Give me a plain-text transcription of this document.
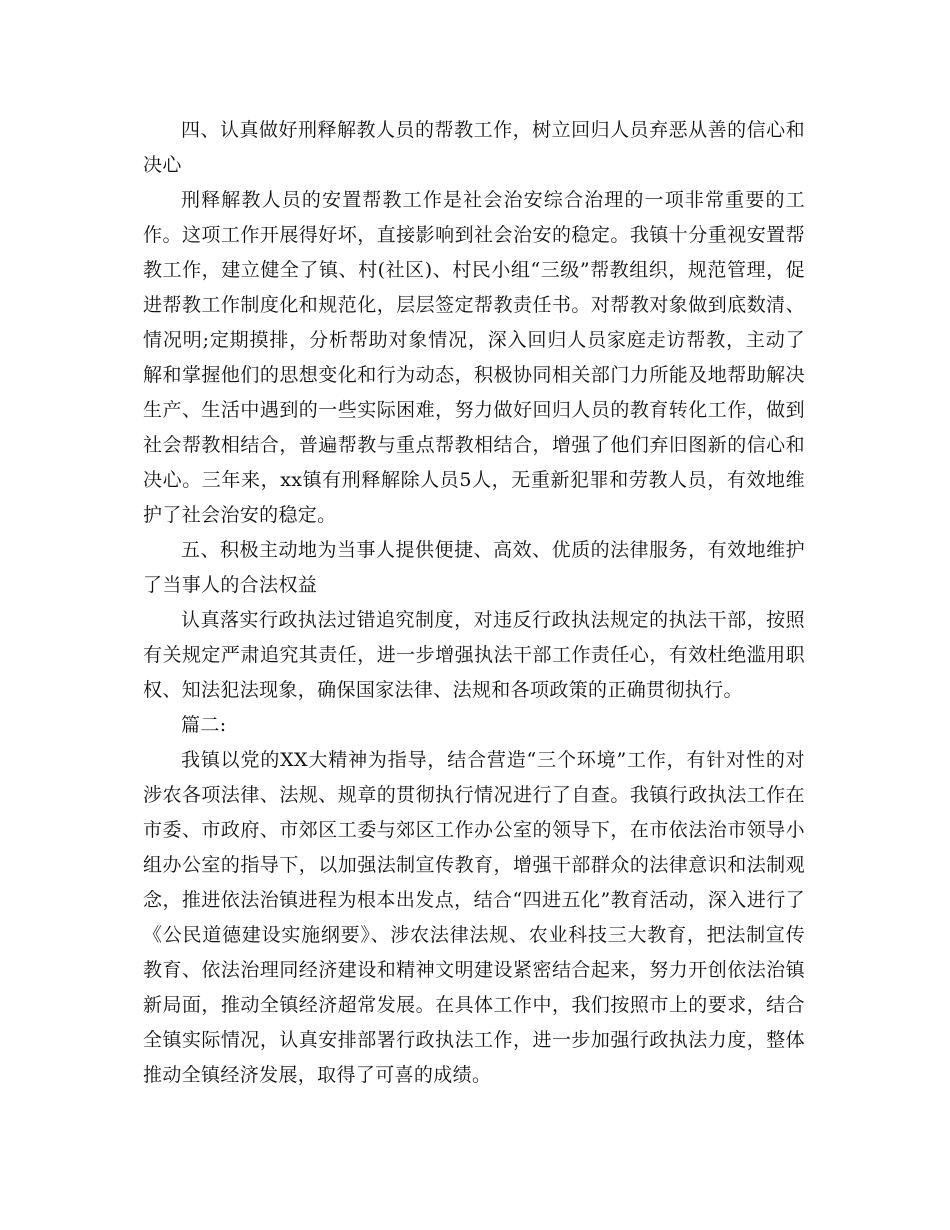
四、认真做好刑释解教人员的帮教工作，树立回归人员弃恶从善的信心和决心

刑释解教人员的安置帮教工作是社会治安综合治理的一项非常重要的工作。这项工作开展得好坏，直接影响到社会治安的稳定。我镇十分重视安置帮教工作，建立健全了镇、村(社区)、村民小组“三级”帮教组织，规范管理，促进帮教工作制度化和规范化，层层签定帮教责任书。对帮教对象做到底数清、情况明;定期摸排，分析帮助对象情况，深入回归人员家庭走访帮教，主动了解和掌握他们的思想变化和行为动态，积极协同相关部门力所能及地帮助解决生产、生活中遇到的一些实际困难，努力做好回归人员的教育转化工作，做到社会帮教相结合，普遍帮教与重点帮教相结合，增强了他们弃旧图新的信心和决心。三年来，xx镇有刑释解除人员5人，无重新犯罪和劳教人员，有效地维护了社会治安的稳定。

五、积极主动地为当事人提供便捷、高效、优质的法律服务，有效地维护了当事人的合法权益

认真落实行政执法过错追究制度，对违反行政执法规定的执法干部，按照有关规定严肃追究其责任，进一步增强执法干部工作责任心，有效杜绝滥用职权、知法犯法现象，确保国家法律、法规和各项政策的正确贯彻执行。

篇二:

我镇以党的XX大精神为指导，结合营造“三个环境”工作，有针对性的对涉农各项法律、法规、规章的贯彻执行情况进行了自查。我镇行政执法工作在市委、市政府、市郊区工委与郊区工作办公室的领导下，在市依法治市领导小组办公室的指导下，以加强法制宣传教育，增强干部群众的法律意识和法制观念，推进依法治镇进程为根本出发点，结合“四进五化”教育活动，深入进行了《公民道德建设实施纲要》、涉农法律法规、农业科技三大教育，把法制宣传教育、依法治理同经济建设和精神文明建设紧密结合起来，努力开创依法治镇新局面，推动全镇经济超常发展。在具体工作中，我们按照市上的要求，结合全镇实际情况，认真安排部署行政执法工作，进一步加强行政执法力度，整体推动全镇经济发展，取得了可喜的成绩。
